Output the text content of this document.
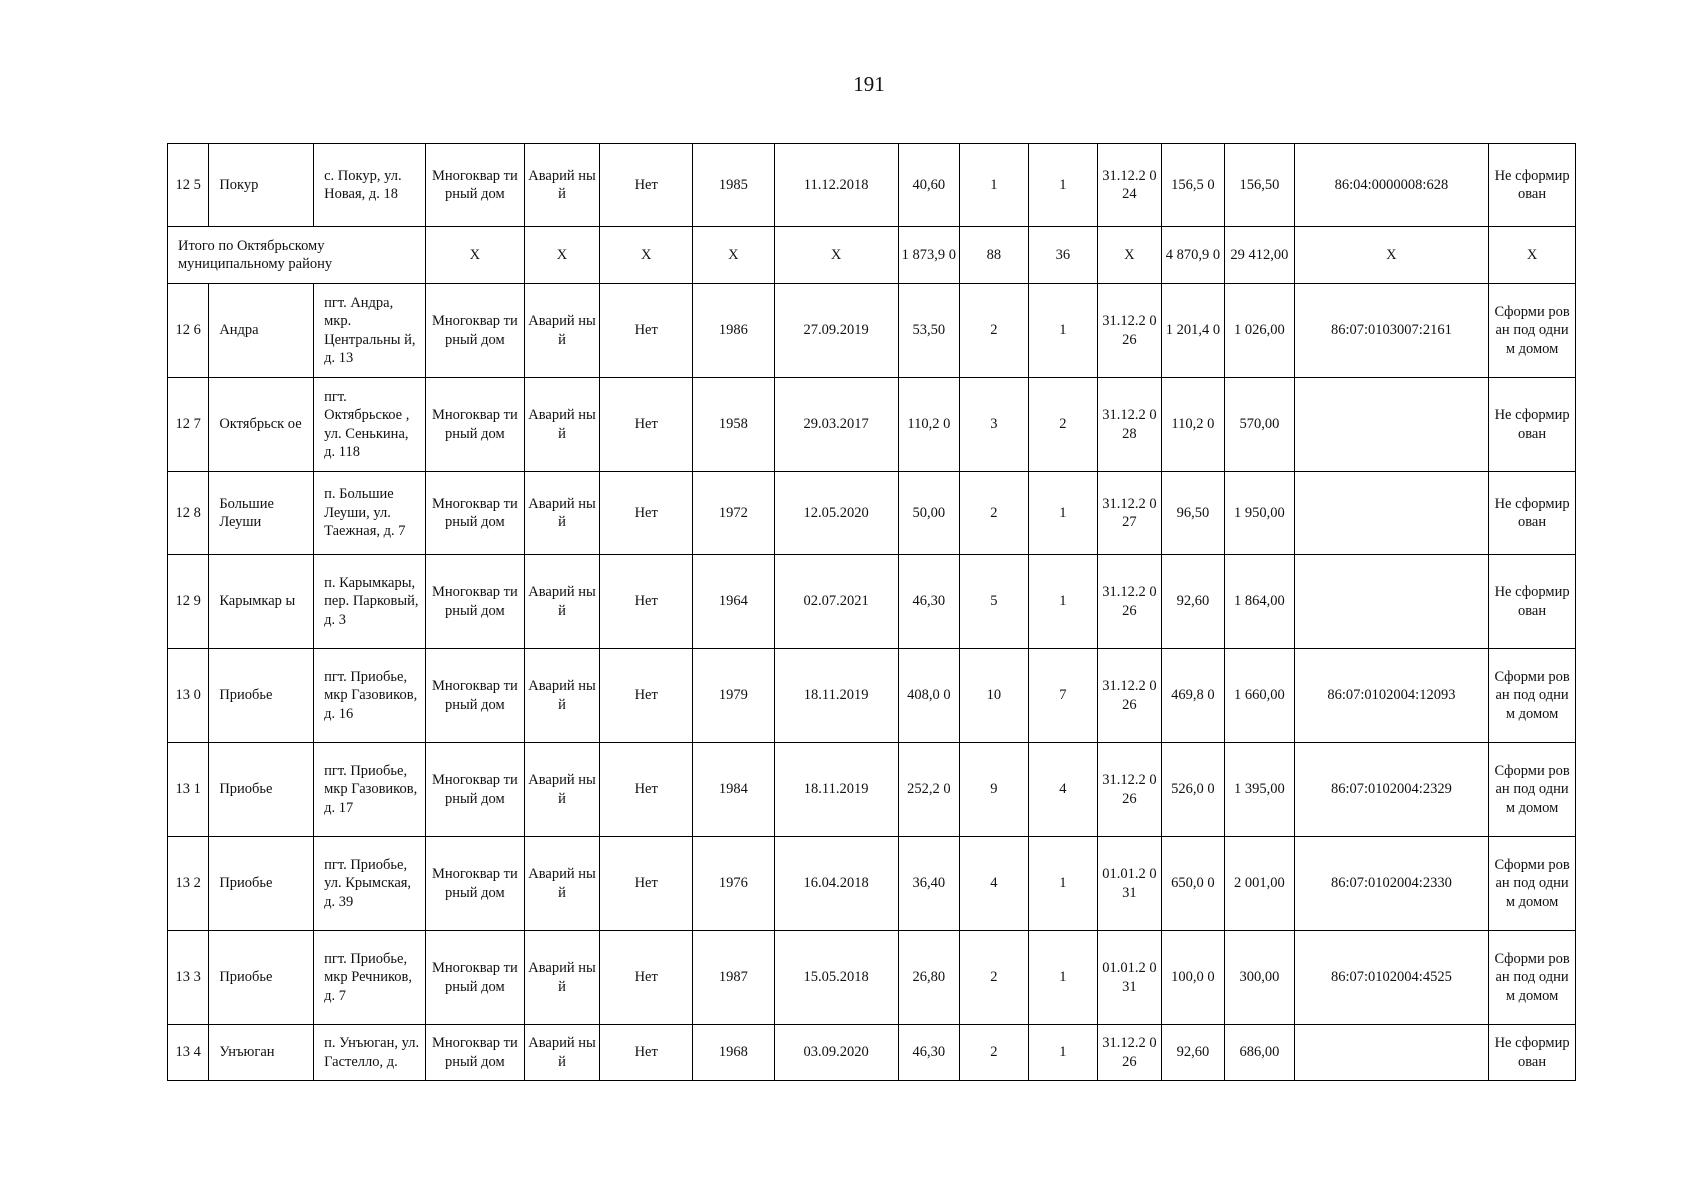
191
12 5	Покур	с. Покур, ул. Новая, д. 18	Многоквар тирный дом	Аварий ный	Нет	1985	11.12.2018	40,60	1	1	31.12.2 024	156,5 0	156,50	86:04:0000008:628	Не сформир ован
Итого по Октябрьскому муниципальному району			X	X	X	X	X	1 873,9 0	88	36	X	4 870,9 0	29 412,00	X	X
12 6	Андра	пгт. Андра, мкр. Центральны й, д. 13	Многоквар тирный дом	Аварий ный	Нет	1986	27.09.2019	53,50	2	1	31.12.2 026	1 201,4 0	1 026,00	86:07:0103007:2161	Сформи рован под одним домом
12 7	Октябрьск ое	пгт. Октябрьское , ул. Сенькина, д. 118	Многоквар тирный дом	Аварий ный	Нет	1958	29.03.2017	110,2 0	3	2	31.12.2 028	110,2 0	570,00		Не сформир ован
12 8	Большие Леуши	п. Большие Леуши, ул. Таежная, д. 7	Многоквар тирный дом	Аварий ный	Нет	1972	12.05.2020	50,00	2	1	31.12.2 027	96,50	1 950,00		Не сформир ован
12 9	Карымкар ы	п. Карымкары, пер. Парковый, д. 3	Многоквар тирный дом	Аварий ный	Нет	1964	02.07.2021	46,30	5	1	31.12.2 026	92,60	1 864,00		Не сформир ован
13 0	Приобье	пгт. Приобье, мкр Газовиков, д. 16	Многоквар тирный дом	Аварий ный	Нет	1979	18.11.2019	408,0 0	10	7	31.12.2 026	469,8 0	1 660,00	86:07:0102004:12093	Сформи рован под одним домом
13 1	Приобье	пгт. Приобье, мкр Газовиков, д. 17	Многоквар тирный дом	Аварий ный	Нет	1984	18.11.2019	252,2 0	9	4	31.12.2 026	526,0 0	1 395,00	86:07:0102004:2329	Сформи рован под одним домом
13 2	Приобье	пгт. Приобье, ул. Крымская, д. 39	Многоквар тирный дом	Аварий ный	Нет	1976	16.04.2018	36,40	4	1	01.01.2 031	650,0 0	2 001,00	86:07:0102004:2330	Сформи рован под одним домом
13 3	Приобье	пгт. Приобье, мкр Речников, д. 7	Многоквар тирный дом	Аварий ный	Нет	1987	15.05.2018	26,80	2	1	01.01.2 031	100,0 0	300,00	86:07:0102004:4525	Сформи рован под одним домом
13 4	Унъюган	п. Унъюган, ул. Гастелло, д.	Многоквар тирный дом	Аварий ный	Нет	1968	03.09.2020	46,30	2	1	31.12.2 026	92,60	686,00		Не сформир ован
